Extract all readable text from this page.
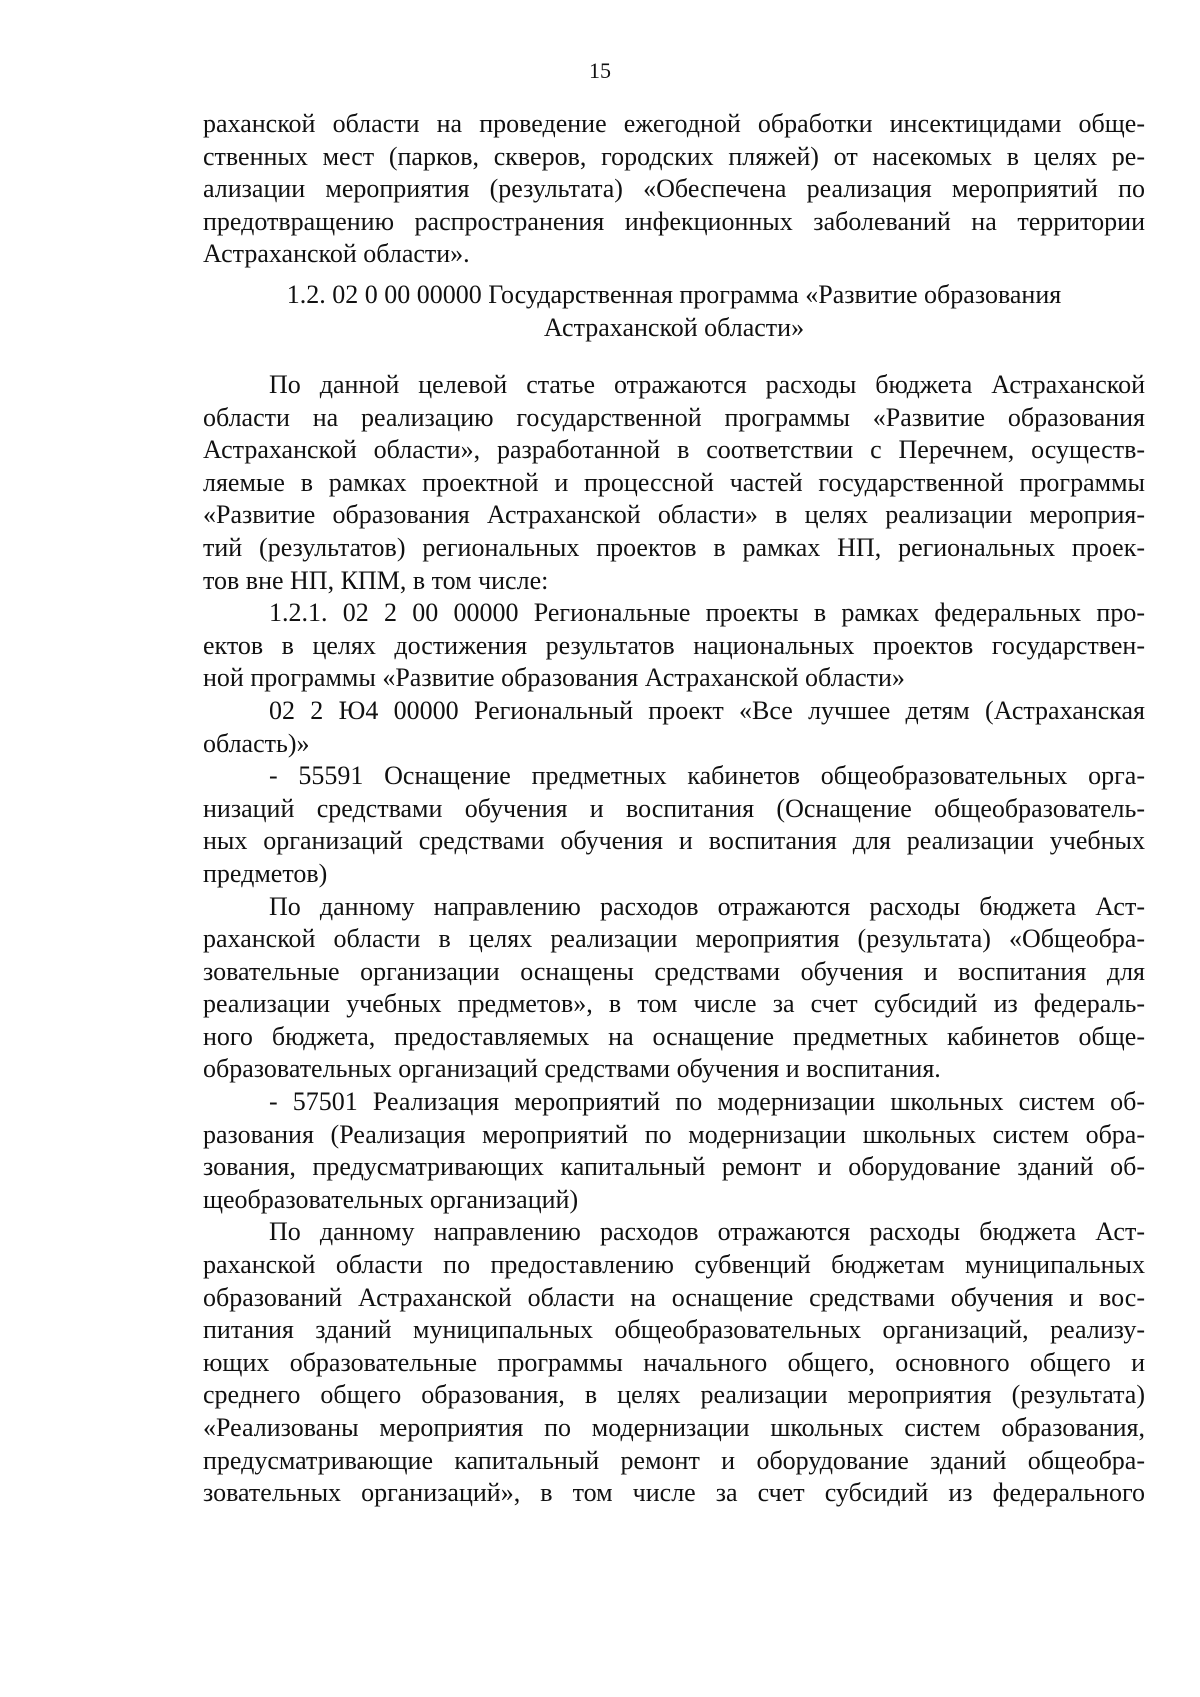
15
раханской области на проведение ежегодной обработки инсектицидами обще-
ственных мест (парков, скверов, городских пляжей) от насекомых в целях ре-
ализации мероприятия (результата) «Обеспечена реализация мероприятий по
предотвращению распространения инфекционных заболеваний на территории
Астраханской области».
1.2. 02 0 00 00000 Государственная программа «Развитие образования
Астраханской области»
По данной целевой статье отражаются расходы бюджета Астраханской
области на реализацию государственной программы «Развитие образования
Астраханской области», разработанной в соответствии с Перечнем, осуществ-
ляемые в рамках проектной и процессной частей государственной программы
«Развитие образования Астраханской области» в целях реализации мероприя-
тий (результатов) региональных проектов в рамках НП, региональных проек-
тов вне НП, КПМ, в том числе:
1.2.1. 02 2 00 00000 Региональные проекты в рамках федеральных про-
ектов в целях достижения результатов национальных проектов государствен-
ной программы «Развитие образования Астраханской области»
02 2 Ю4 00000 Региональный проект «Все лучшее детям (Астраханская
область)»
- 55591 Оснащение предметных кабинетов общеобразовательных орга-
низаций средствами обучения и воспитания (Оснащение общеобразователь-
ных организаций средствами обучения и воспитания для реализации учебных
предметов)
По данному направлению расходов отражаются расходы бюджета Аст-
раханской области в целях реализации мероприятия (результата) «Общеобра-
зовательные организации оснащены средствами обучения и воспитания для
реализации учебных предметов», в том числе за счет субсидий из федераль-
ного бюджета, предоставляемых на оснащение предметных кабинетов обще-
образовательных организаций средствами обучения и воспитания.
- 57501 Реализация мероприятий по модернизации школьных систем об-
разования (Реализация мероприятий по модернизации школьных систем обра-
зования, предусматривающих капитальный ремонт и оборудование зданий об-
щеобразовательных организаций)
По данному направлению расходов отражаются расходы бюджета Аст-
раханской области по предоставлению субвенций бюджетам муниципальных
образований Астраханской области на оснащение средствами обучения и вос-
питания зданий муниципальных общеобразовательных организаций, реализу-
ющих образовательные программы начального общего, основного общего и
среднего общего образования, в целях реализации мероприятия (результата)
«Реализованы мероприятия по модернизации школьных систем образования,
предусматривающие капитальный ремонт и оборудование зданий общеобра-
зовательных организаций», в том числе за счет субсидий из федерального
